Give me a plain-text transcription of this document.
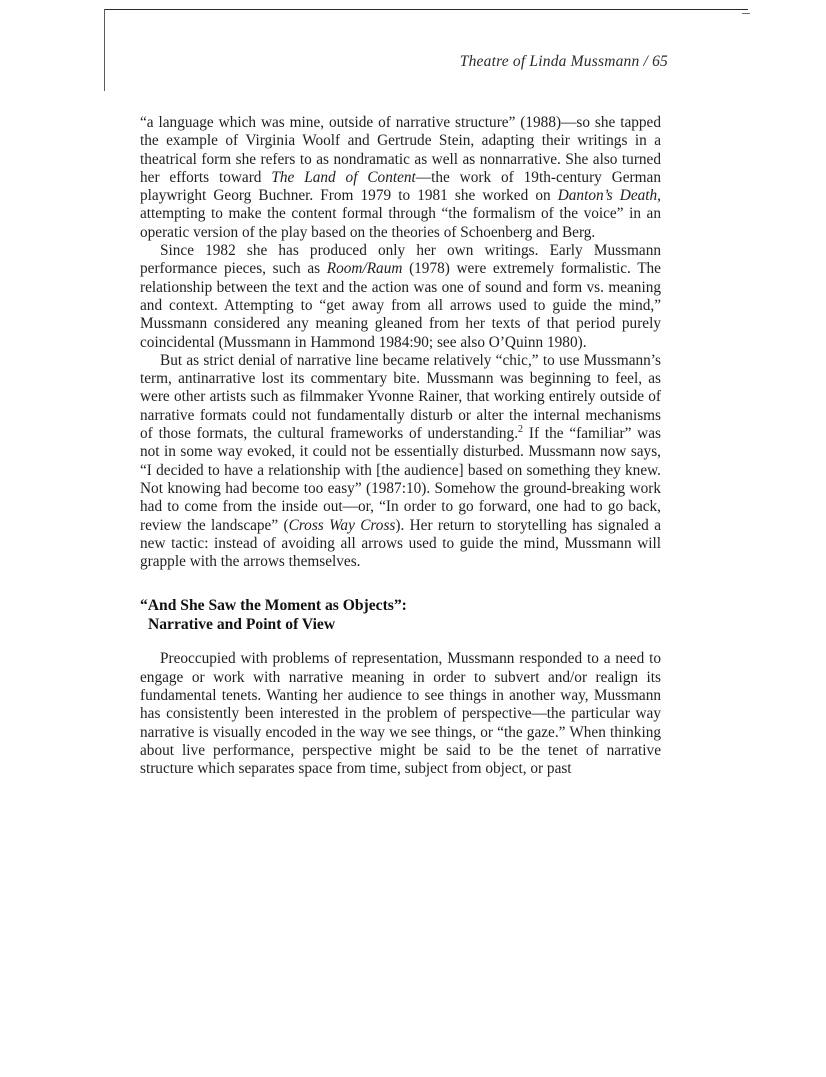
Theatre of Linda Mussmann / 65

“a language which was mine, outside of narrative structure” (1988)—so she tapped the example of Virginia Woolf and Gertrude Stein, adapting their writings in a theatrical form she refers to as nondramatic as well as nonnarrative. She also turned her efforts toward The Land of Content—the work of 19th-century German playwright Georg Buchner. From 1979 to 1981 she worked on Danton’s Death, attempting to make the content formal through “the formalism of the voice” in an operatic version of the play based on the theories of Schoenberg and Berg.

Since 1982 she has produced only her own writings. Early Mussmann performance pieces, such as Room/Raum (1978) were extremely formalistic. The relationship between the text and the action was one of sound and form vs. meaning and context. Attempting to “get away from all arrows used to guide the mind,” Mussmann considered any meaning gleaned from her texts of that period purely coincidental (Mussmann in Hammond 1984:90; see also O’Quinn 1980).

But as strict denial of narrative line became relatively “chic,” to use Mussmann’s term, antinarrative lost its commentary bite. Mussmann was beginning to feel, as were other artists such as filmmaker Yvonne Rainer, that working entirely outside of narrative formats could not fundamentally disturb or alter the internal mechanisms of those formats, the cultural frameworks of understanding.$^2$ If the “familiar” was not in some way evoked, it could not be essentially disturbed. Mussmann now says, “I decided to have a relationship with [the audience] based on something they knew. Not knowing had become too easy” (1987:10). Somehow the ground-breaking work had to come from the inside out—or, “In order to go forward, one had to go back, review the landscape” (Cross Way Cross). Her return to storytelling has signaled a new tactic: instead of avoiding all arrows used to guide the mind, Mussmann will grapple with the arrows themselves.

“And She Saw the Moment as Objects”:
Narrative and Point of View

Preoccupied with problems of representation, Mussmann responded to a need to engage or work with narrative meaning in order to subvert and/or realign its fundamental tenets. Wanting her audience to see things in another way, Mussmann has consistently been interested in the problem of perspective—the particular way narrative is visually encoded in the way we see things, or “the gaze.” When thinking about live performance, perspective might be said to be the tenet of narrative structure which separates space from time, subject from object, or past
